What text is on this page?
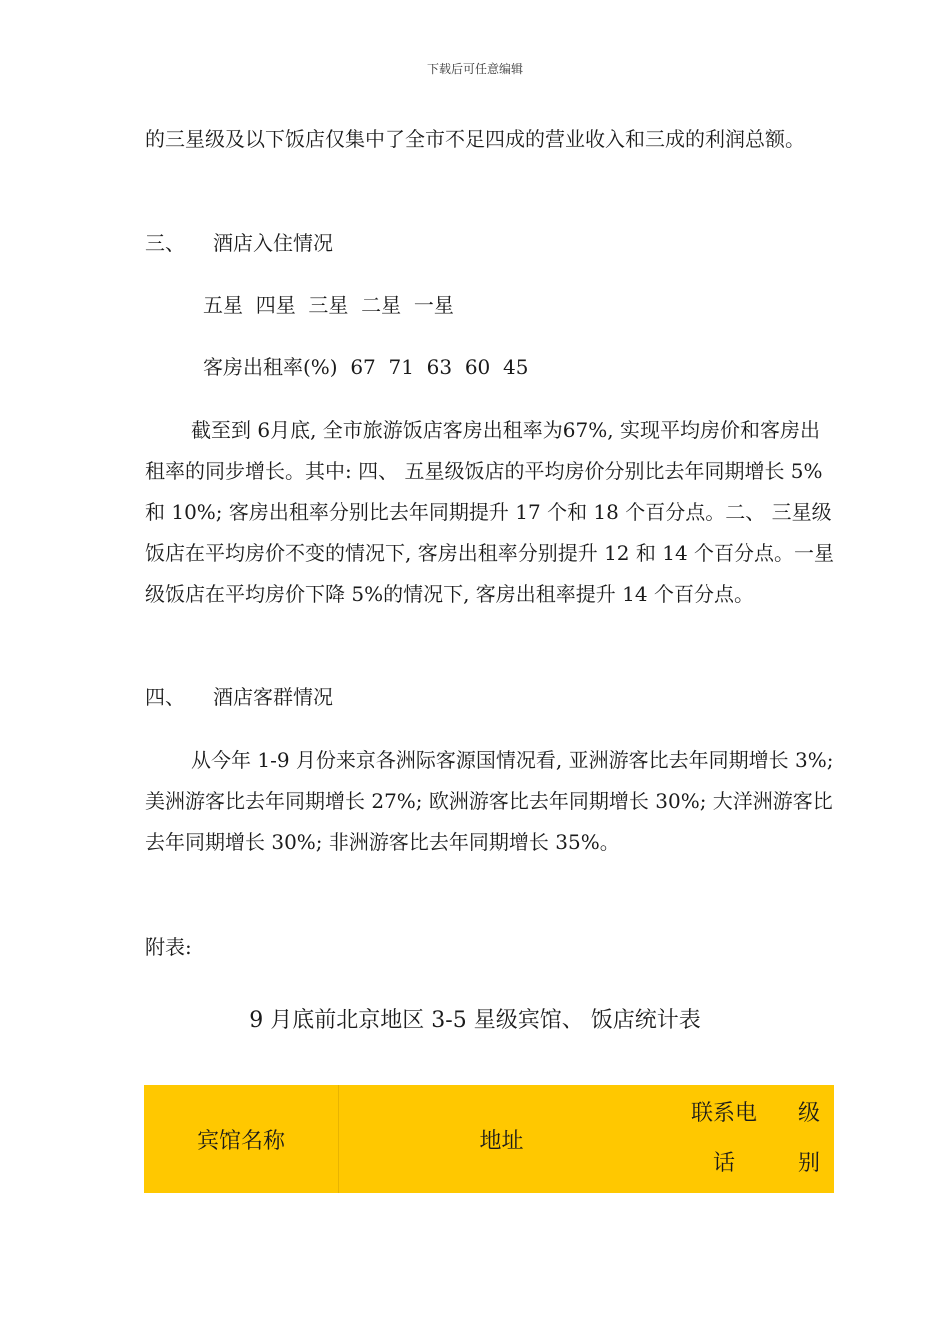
下载后可任意编辑

的三星级及以下饭店仅集中了全市不足四成的营业收入和三成的利润总额。

三、 酒店入住情况

五星  四星  三星  二星  一星

客房出租率(%)  67  71  63  60  45

截至到 6月底, 全市旅游饭店客房出租率为67%, 实现平均房价和客房出租率的同步增长。其中: 四、 五星级饭店的平均房价分别比去年同期增长 5%和 10%; 客房出租率分别比去年同期提升 17 个和 18 个百分点。二、 三星级饭店在平均房价不变的情况下, 客房出租率分别提升 12 和 14 个百分点。一星级饭店在平均房价下降 5%的情况下, 客房出租率提升 14 个百分点。

四、 酒店客群情况

从今年 1-9 月份来京各洲际客源国情况看, 亚洲游客比去年同期增长 3%; 美洲游客比去年同期增长 27%; 欧洲游客比去年同期增长 30%; 大洋洲游客比去年同期增长 30%; 非洲游客比去年同期增长 35%。

附表:

9 月底前北京地区 3-5 星级宾馆、 饭店统计表

宾馆名称	地址
联系电
话
级
别
